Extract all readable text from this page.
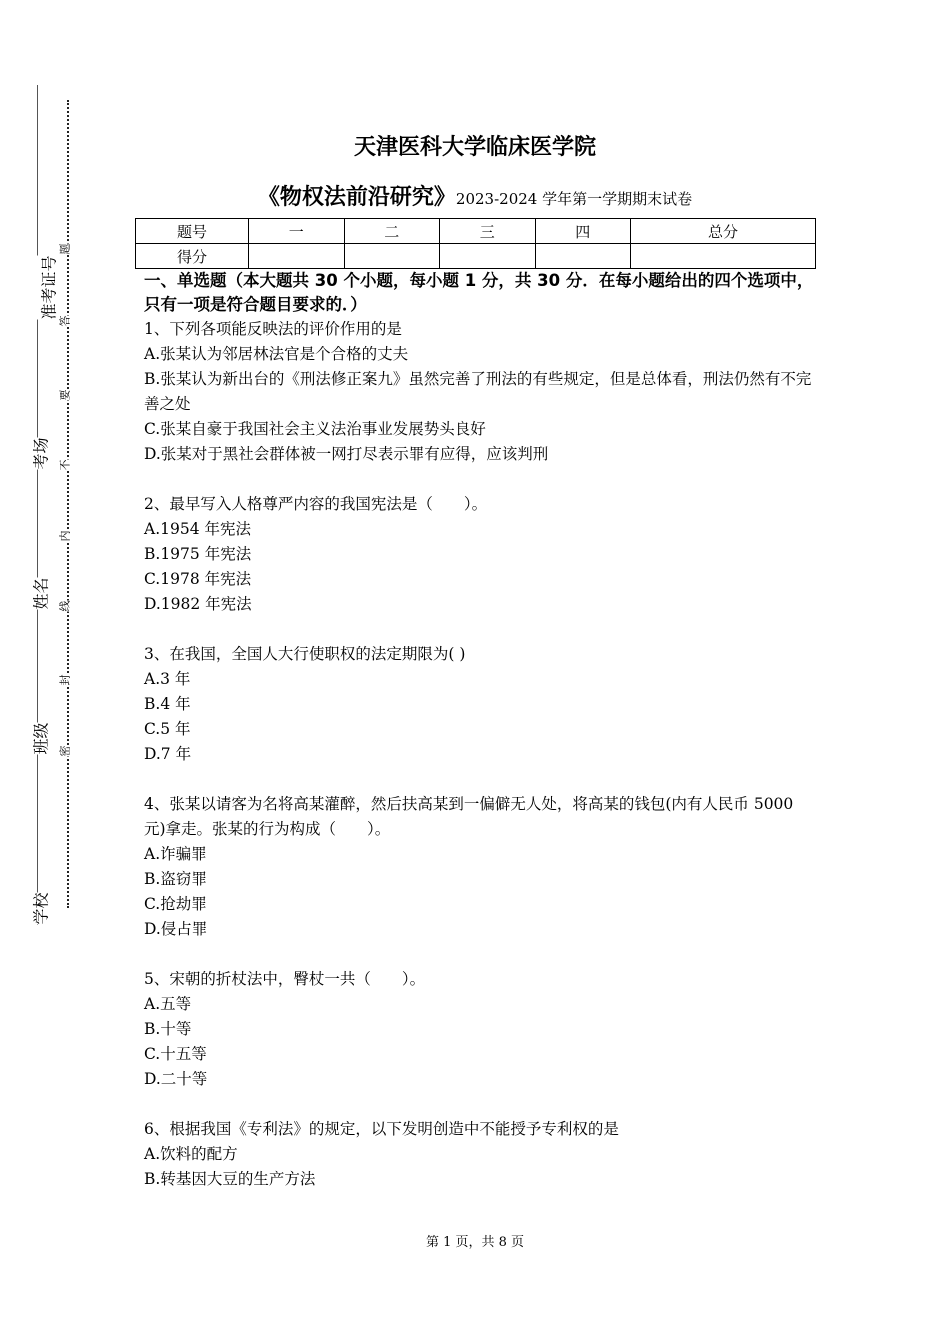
准考证号
考场
姓名
班级
学校
题
答
要
不
内
线
封
密
天津医科大学临床医学院
《物权法前沿研究》2023-2024 学年第一学期期末试卷
题号	一	二	三	四	总分
得分					
一、单选题（本大题共 30 个小题，每小题 1 分，共 30 分．在每小题给出的四个选项中，只有一项是符合题目要求的．）
1、下列各项能反映法的评价作用的是
A.张某认为邻居林法官是个合格的丈夫
B.张某认为新出台的《刑法修正案九》虽然完善了刑法的有些规定，但是总体看，刑法仍然有不完善之处
C.张某自豪于我国社会主义法治事业发展势头良好
D.张某对于黑社会群体被一网打尽表示罪有应得，应该判刑
2、最早写入人格尊严内容的我国宪法是（　　）。
A.1954 年宪法
B.1975 年宪法
C.1978 年宪法
D.1982 年宪法
3、在我国，全国人大行使职权的法定期限为( )
A.3 年
B.4 年
C.5 年
D.7 年
4、张某以请客为名将高某灌醉，然后扶高某到一偏僻无人处，将高某的钱包(内有人民币 5000 元)拿走。张某的行为构成（　　）。
A.诈骗罪
B.盗窃罪
C.抢劫罪
D.侵占罪
5、宋朝的折杖法中，臀杖一共（　　）。
A.五等
B.十等
C.十五等
D.二十等
6、根据我国《专利法》的规定，以下发明创造中不能授予专利权的是
A.饮料的配方
B.转基因大豆的生产方法
第 1 页，共 8 页
